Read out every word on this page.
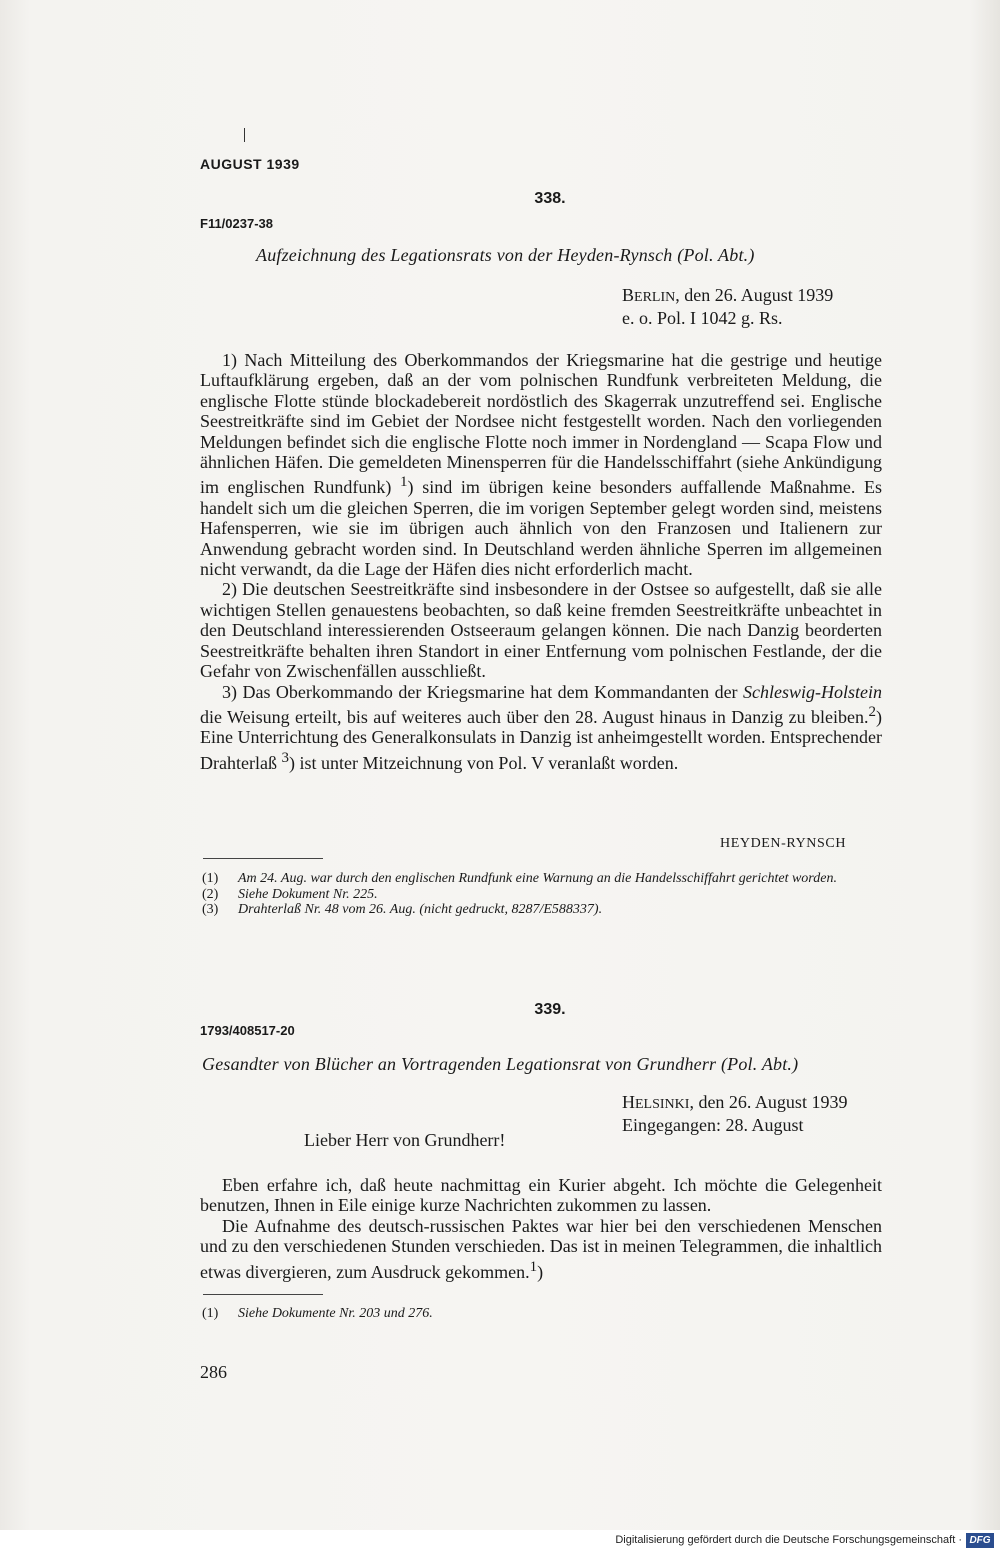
AUGUST 1939
338.
F11/0237-38
Aufzeichnung des Legationsrats von der Heyden-Rynsch (Pol. Abt.)
BERLIN, den 26. August 1939
e. o. Pol. I 1042 g. Rs.

1) Nach Mitteilung des Oberkommandos der Kriegsmarine hat die gestrige und heutige Luftaufklärung ergeben, daß an der vom polnischen Rundfunk verbreiteten Meldung, die englische Flotte stünde blockadebereit nordöstlich des Skagerrak unzutreffend sei. Englische Seestreitkräfte sind im Gebiet der Nordsee nicht festgestellt worden. Nach den vorliegenden Meldungen befindet sich die englische Flotte noch immer in Nordengland — Scapa Flow und ähnlichen Häfen. Die gemeldeten Minensperren für die Handelsschiffahrt (siehe Ankündigung im englischen Rundfunk) $^1$) sind im übrigen keine besonders auffallende Maßnahme. Es handelt sich um die gleichen Sperren, die im vorigen September gelegt worden sind, meistens Hafensperren, wie sie im übrigen auch ähnlich von den Franzosen und Italienern zur Anwendung gebracht worden sind. In Deutschland werden ähnliche Sperren im allgemeinen nicht verwandt, da die Lage der Häfen dies nicht erforderlich macht.

2) Die deutschen Seestreitkräfte sind insbesondere in der Ostsee so aufgestellt, daß sie alle wichtigen Stellen genauestens beobachten, so daß keine fremden Seestreitkräfte unbeachtet in den Deutschland interessierenden Ostseeraum gelangen können. Die nach Danzig beorderten Seestreitkräfte behalten ihren Standort in einer Entfernung vom polnischen Festlande, der die Gefahr von Zwischenfällen ausschließt.

3) Das Oberkommando der Kriegsmarine hat dem Kommandanten der Schleswig-Holstein die Weisung erteilt, bis auf weiteres auch über den 28. August hinaus in Danzig zu bleiben.$^2$) Eine Unterrichtung des Generalkonsulats in Danzig ist anheimgestellt worden. Entsprechender Drahterlaß $^3$) ist unter Mitzeichnung von Pol. V veranlaßt worden.

HEYDEN-RYNSCH
(1)	Am 24. Aug. war durch den englischen Rundfunk eine Warnung an die Handelsschiffahrt gerichtet worden.
(2)	Siehe Dokument Nr. 225.
(3)	Drahterlaß Nr. 48 vom 26. Aug. (nicht gedruckt, 8287/E588337).
339.
1793/408517-20
Gesandter von Blücher an Vortragenden Legationsrat von Grundherr (Pol. Abt.)
HELSINKI, den 26. August 1939
Eingegangen: 28. August
Lieber Herr von Grundherr!

Eben erfahre ich, daß heute nachmittag ein Kurier abgeht. Ich möchte die Gelegenheit benutzen, Ihnen in Eile einige kurze Nachrichten zukommen zu lassen.

Die Aufnahme des deutsch-russischen Paktes war hier bei den verschiedenen Menschen und zu den verschiedenen Stunden verschieden. Das ist in meinen Telegrammen, die inhaltlich etwas divergieren, zum Ausdruck gekommen.$^1$)

(1)	Siehe Dokumente Nr. 203 und 276.
286
Digitalisierung gefördert durch die Deutsche Forschungsgemeinschaft · DFG
